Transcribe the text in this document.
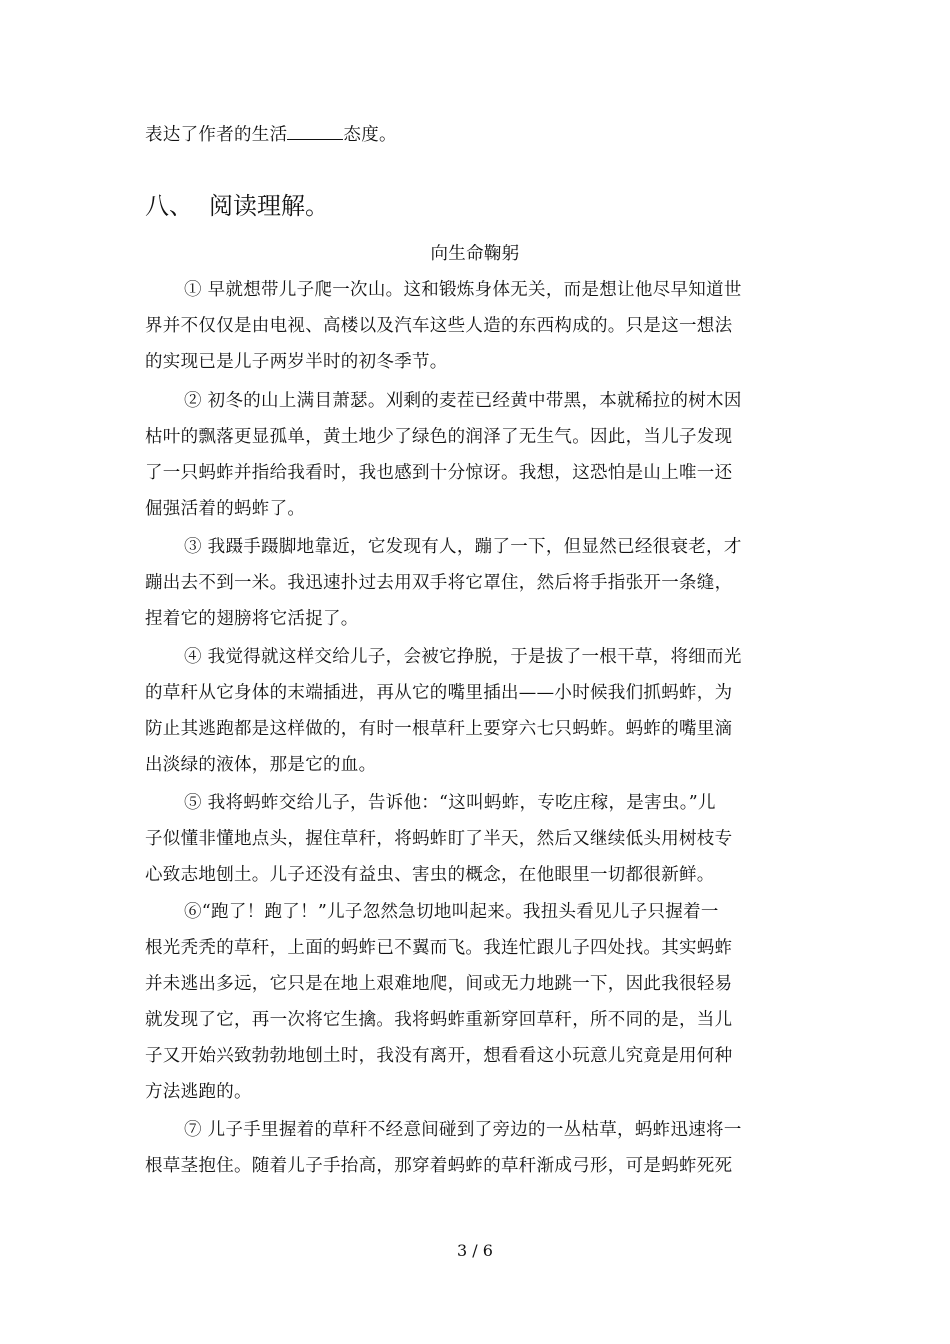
表达了作者的生活	态度。
八、 阅读理解。
向生命鞠躬
① 早就想带儿子爬一次山。这和锻炼身体无关，而是想让他尽早知道世
界并不仅仅是由电视、高楼以及汽车这些人造的东西构成的。只是这一想法
的实现已是儿子两岁半时的初冬季节。
② 初冬的山上满目萧瑟。刈剩的麦茬已经黄中带黑，本就稀拉的树木因
枯叶的飘落更显孤单，黄土地少了绿色的润泽了无生气。因此，当儿子发现
了一只蚂蚱并指给我看时，我也感到十分惊讶。我想，这恐怕是山上唯一还
倔强活着的蚂蚱了。
③ 我蹑手蹑脚地靠近，它发现有人，蹦了一下，但显然已经很衰老，才
蹦出去不到一米。我迅速扑过去用双手将它罩住，然后将手指张开一条缝，
捏着它的翅膀将它活捉了。
④ 我觉得就这样交给儿子，会被它挣脱，于是拔了一根干草，将细而光
的草秆从它身体的末端插进，再从它的嘴里插出——小时候我们抓蚂蚱，为
防止其逃跑都是这样做的，有时一根草秆上要穿六七只蚂蚱。蚂蚱的嘴里滴
出淡绿的液体，那是它的血。
⑤ 我将蚂蚱交给儿子，告诉他：“这叫蚂蚱，专吃庄稼，是害虫。”儿
子似懂非懂地点头，握住草秆，将蚂蚱盯了半天，然后又继续低头用树枝专
心致志地刨土。儿子还没有益虫、害虫的概念，在他眼里一切都很新鲜。
⑥“跑了！跑了！”儿子忽然急切地叫起来。我扭头看见儿子只握着一
根光秃秃的草秆，上面的蚂蚱已不翼而飞。我连忙跟儿子四处找。其实蚂蚱
并未逃出多远，它只是在地上艰难地爬，间或无力地跳一下，因此我很轻易
就发现了它，再一次将它生擒。我将蚂蚱重新穿回草秆，所不同的是，当儿
子又开始兴致勃勃地刨土时，我没有离开，想看看这小玩意儿究竟是用何种
方法逃跑的。
⑦ 儿子手里握着的草秆不经意间碰到了旁边的一丛枯草，蚂蚱迅速将一
根草茎抱住。随着儿子手抬高，那穿着蚂蚱的草秆渐成弓形，可是蚂蚱死死
3 / 6
